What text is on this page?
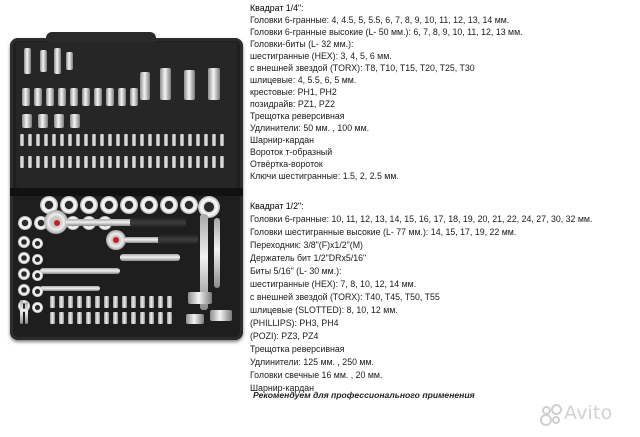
Квадрат 1/4":
Головки 6-гранные: 4, 4.5, 5, 5.5, 6, 7, 8, 9, 10, 11, 12, 13, 14 мм.
Головки 6-гранные высокие (L- 50 мм.): 6, 7, 8, 9, 10, 11, 12, 13 мм.
Головки-биты (L- 32 мм.):
шестигранные (HEX): 3, 4, 5, 6 мм.
с внешней звездой (TORX): T8, T10, T15, T20, T25, T30
шлицевые: 4, 5.5, 6, 5 мм.
крестовые: PH1, PH2
позидрайв: PZ1, PZ2
Трещотка реверсивная
Удлинители: 50 мм. , 100 мм.
Шарнир-кардан
Вороток т-образный
Отвёртка-вороток
Ключи шестигранные: 1.5, 2, 2.5 мм.
Квадрат 1/2":
Головки 6-гранные: 10, 11, 12, 13, 14, 15, 16, 17, 18, 19, 20, 21, 22, 24, 27, 30, 32 мм.
Головки шестигранные высокие (L- 77 мм.): 14, 15, 17, 19, 22 мм.
Переходник: 3/8"(F)x1/2"(M)
Держатель бит 1/2"DRx5/16"
Биты 5/16" (L- 30 мм.):
шестигранные (HEX): 7, 8, 10, 12, 14 мм.
с внешней звездой (TORX): T40, T45, T50, T55
шлицевые (SLOTTED): 8, 10, 12 мм.
(PHILLIPS): PH3, PH4
(POZI): PZ3, PZ4
Трещотка реверсивная
Удлинители: 125 мм. , 250 мм.
Головки свечные 16 мм. , 20 мм.
Шарнир-кардан
Рекомендуем для профессионального применения
Avito
